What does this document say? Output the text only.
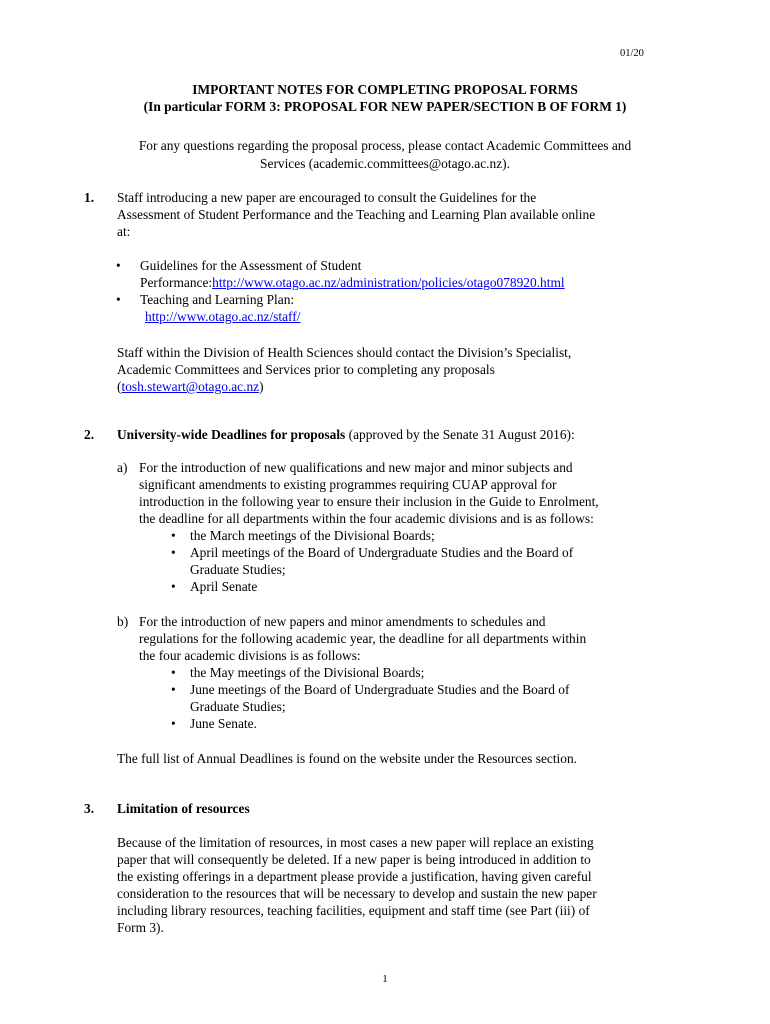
01/20
IMPORTANT NOTES FOR COMPLETING PROPOSAL FORMS
(In particular FORM 3: PROPOSAL FOR NEW PAPER/SECTION B OF FORM 1)
For any questions regarding the proposal process, please contact Academic Committees and
Services (academic.committees@otago.ac.nz).
1. Staff introducing a new paper are encouraged to consult the Guidelines for the
Assessment of Student Performance and the Teaching and Learning Plan available online
at:
• Guidelines for the Assessment of Student
Performance:http://www.otago.ac.nz/administration/policies/otago078920.html
• Teaching and Learning Plan:
http://www.otago.ac.nz/staff/
Staff within the Division of Health Sciences should contact the Division’s Specialist,
Academic Committees and Services prior to completing any proposals
(tosh.stewart@otago.ac.nz)
2. University-wide Deadlines for proposals (approved by the Senate 31 August 2016):
a) For the introduction of new qualifications and new major and minor subjects and
significant amendments to existing programmes requiring CUAP approval for
introduction in the following year to ensure their inclusion in the Guide to Enrolment,
the deadline for all departments within the four academic divisions and is as follows:
• the March meetings of the Divisional Boards;
• April meetings of the Board of Undergraduate Studies and the Board of
Graduate Studies;
• April Senate
b) For the introduction of new papers and minor amendments to schedules and
regulations for the following academic year, the deadline for all departments within
the four academic divisions is as follows:
• the May meetings of the Divisional Boards;
• June meetings of the Board of Undergraduate Studies and the Board of
Graduate Studies;
• June Senate.
The full list of Annual Deadlines is found on the website under the Resources section.
3. Limitation of resources
Because of the limitation of resources, in most cases a new paper will replace an existing
paper that will consequently be deleted. If a new paper is being introduced in addition to
the existing offerings in a department please provide a justification, having given careful
consideration to the resources that will be necessary to develop and sustain the new paper
including library resources, teaching facilities, equipment and staff time (see Part (iii) of
Form 3).
1
